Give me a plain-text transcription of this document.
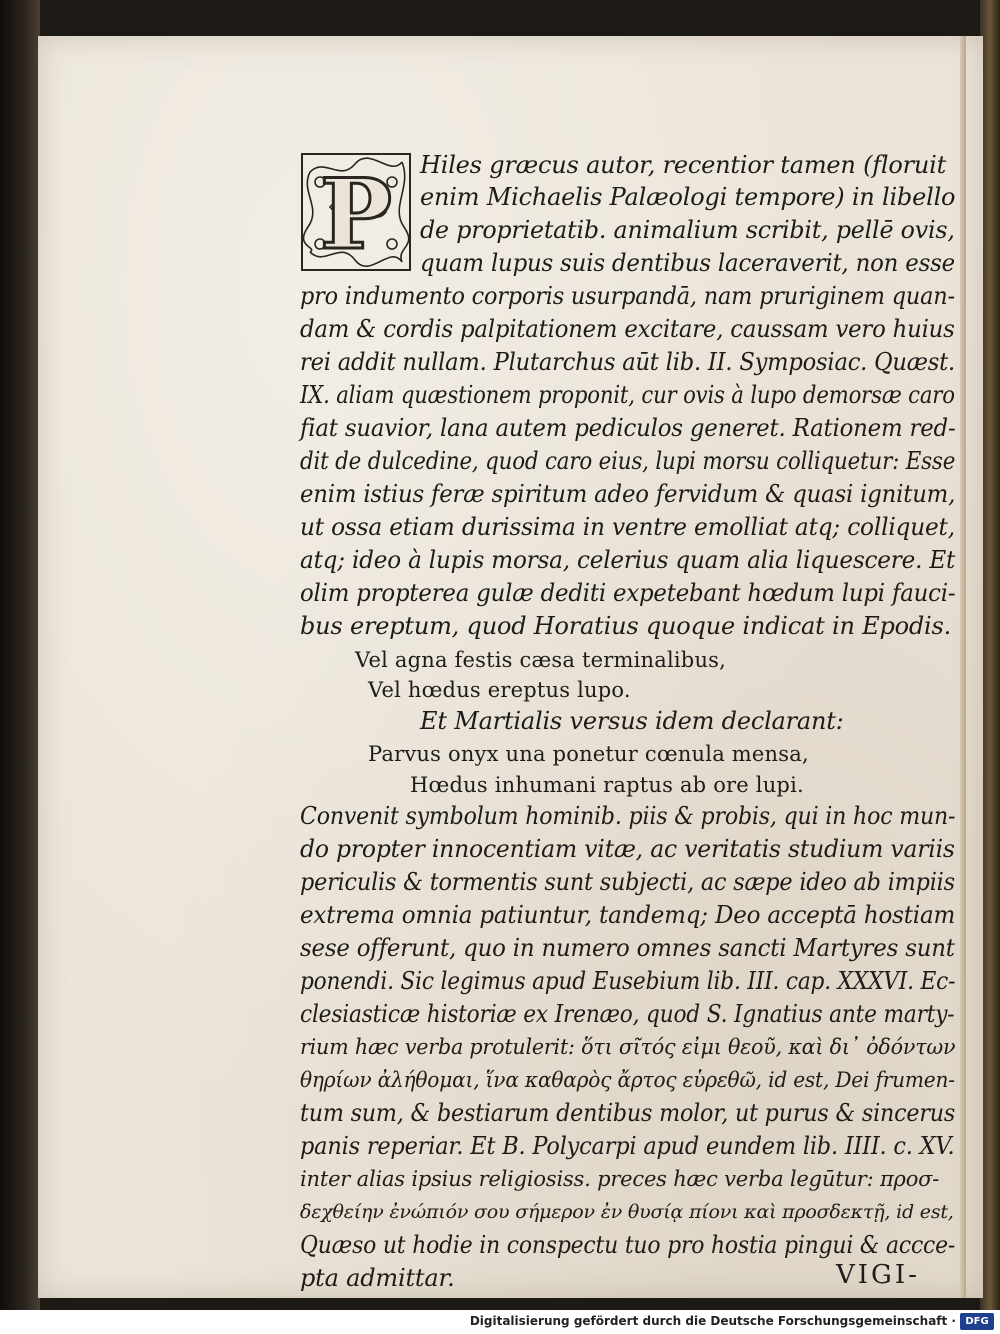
P Hiles græcus autor, recentior tamen (floruit
enim Michaelis Palæologi tempore) in libello
de proprietatib. animalium scribit, pellē ovis,
quam lupus suis dentibus laceraverit, non esse
pro indumento corporis usurpandā, nam pruriginem quan-
dam & cordis palpitationem excitare, caussam vero huius
rei addit nullam. Plutarchus aūt lib. II. Symposiac. Quæst.
IX. aliam quæstionem proponit, cur ovis à lupo demorsæ caro
fiat suavior, lana autem pediculos generet. Rationem red-
dit de dulcedine, quod caro eius, lupi morsu colliquetur: Esse
enim istius feræ spiritum adeo fervidum & quasi ignitum,
ut ossa etiam durissima in ventre emolliat atq; colliquet,
atq; ideo à lupis morsa, celerius quam alia liquescere. Et
olim propterea gulæ dediti expetebant hœdum lupi fauci-
bus ereptum, quod Horatius quoque indicat in Epodis.
Vel agna festis cæsa terminalibus,
Vel hœdus ereptus lupo.
Et Martialis versus idem declarant:
Parvus onyx una ponetur cœnula mensa,
Hœdus inhumani raptus ab ore lupi.
Convenit symbolum hominib. piis & probis, qui in hoc mun-
do propter innocentiam vitæ, ac veritatis studium variis
periculis & tormentis sunt subjecti, ac sæpe ideo ab impiis
extrema omnia patiuntur, tandemq; Deo acceptā hostiam
sese offerunt, quo in numero omnes sancti Martyres sunt
ponendi. Sic legimus apud Eusebium lib. III. cap. XXXVI. Ec-
clesiasticæ historiæ ex Irenæo, quod S. Ignatius ante marty-
rium hæc verba protulerit: ὅτι σῖτός εἰμι θεοῦ, καὶ δι᾽ ὀδόντων
θηρίων ἀλήθομαι, ἵνα καθαρὸς ἄρτος εὑρεθῶ, id est, Dei frumen-
tum sum, & bestiarum dentibus molor, ut purus & sincerus
panis reperiar. Et B. Polycarpi apud eundem lib. IIII. c. XV.
inter alias ipsius religiosiss. preces hæc verba legūtur: προσ-
δεχθείην ἐνώπιόν σου σήμερον ἐν θυσίᾳ πίονι καὶ προσδεκτῇ, id est,
Quæso ut hodie in conspectu tuo pro hostia pingui & accce-
pta admittar.	VIGI-
Digitalisierung gefördert durch die Deutsche Forschungsgemeinschaft · DFG
